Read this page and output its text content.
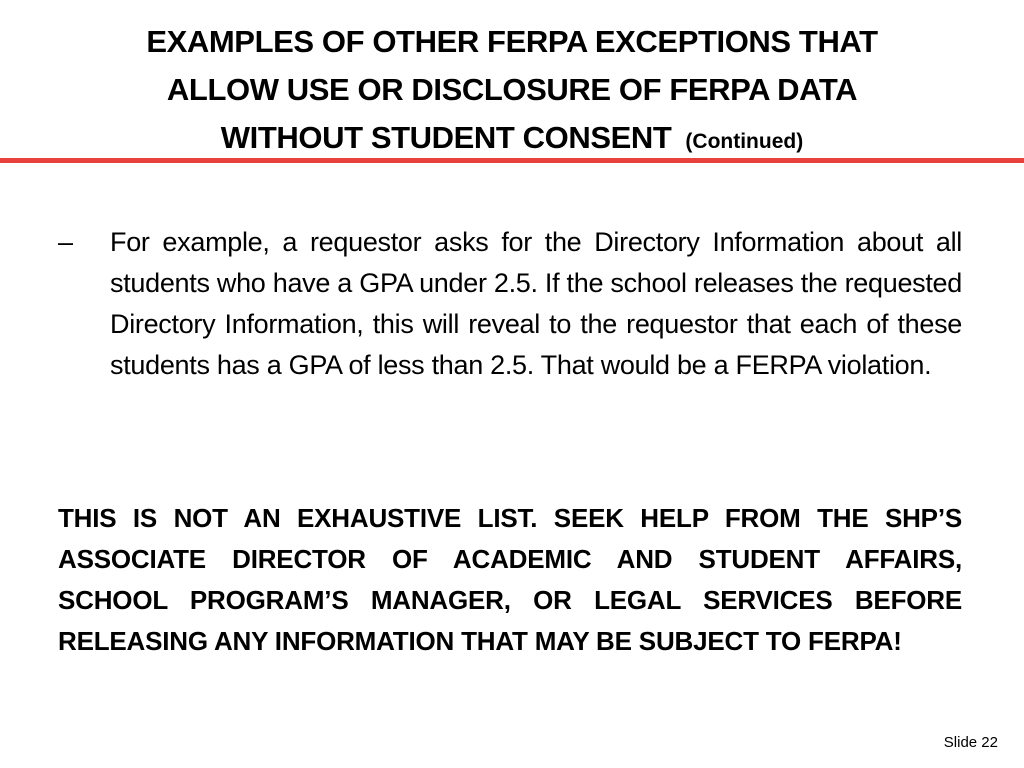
EXAMPLES OF OTHER FERPA EXCEPTIONS THAT
ALLOW USE OR DISCLOSURE OF FERPA DATA
WITHOUT STUDENT CONSENT (Continued)
– For example, a requestor asks for the Directory Information about all students who have a GPA under 2.5. If the school releases the requested Directory Information, this will reveal to the requestor that each of these students has a GPA of less than 2.5. That would be a FERPA violation.

THIS IS NOT AN EXHAUSTIVE LIST. SEEK HELP FROM THE SHP’S ASSOCIATE DIRECTOR OF ACADEMIC AND STUDENT AFFAIRS, SCHOOL PROGRAM’S MANAGER, OR LEGAL SERVICES BEFORE RELEASING ANY INFORMATION THAT MAY BE SUBJECT TO FERPA!

Slide 22
